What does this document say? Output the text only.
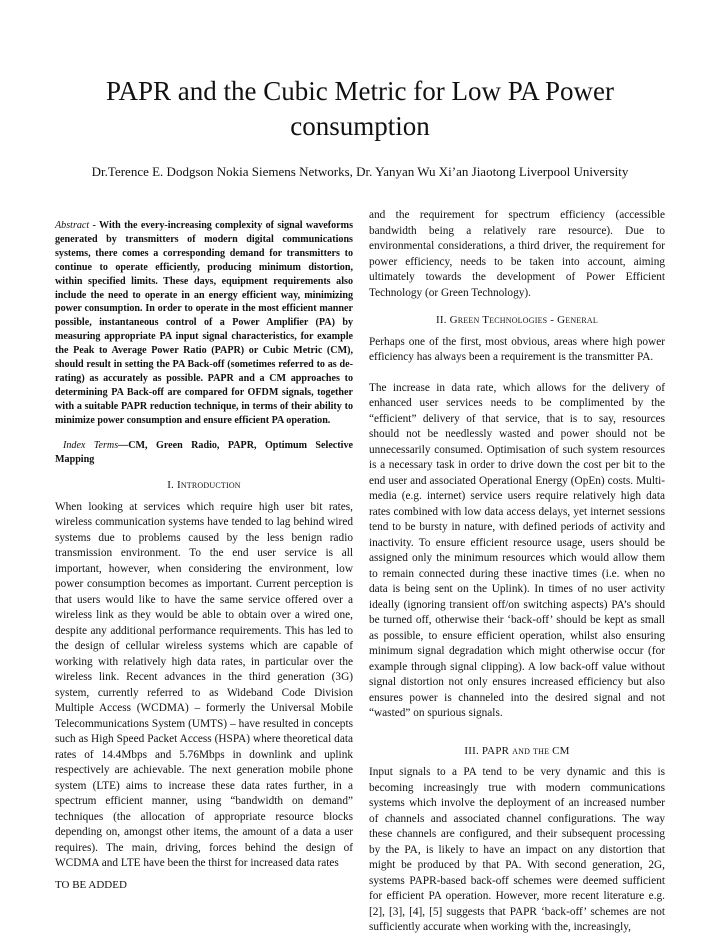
PAPR and the Cubic Metric for Low PA Power consumption

Dr.Terence E. Dodgson Nokia Siemens Networks, Dr. Yanyan Wu Xi’an Jiaotong Liverpool University

Abstract - With the every-increasing complexity of signal waveforms generated by transmitters of modern digital communications systems, there comes a corresponding demand for transmitters to continue to operate efficiently, producing minimum distortion, within specified limits. These days, equipment requirements also include the need to operate in an energy efficient way, minimizing power consumption. In order to operate in the most efficient manner possible, instantaneous control of a Power Amplifier (PA) by measuring appropriate PA input signal characteristics, for example the Peak to Average Power Ratio (PAPR) or Cubic Metric (CM), should result in setting the PA Back-off (sometimes referred to as de-rating) as accurately as possible. PAPR and a CM approaches to determining PA Back-off are compared for OFDM signals, together with a suitable PAPR reduction technique, in terms of their ability to minimize power consumption and ensure efficient PA operation.

Index Terms—CM, Green Radio, PAPR, Optimum Selective Mapping

I. Introduction

When looking at services which require high user bit rates, wireless communication systems have tended to lag behind wired systems due to problems caused by the less benign radio transmission environment. To the end user service is all important, however, when considering the environment, low power consumption becomes as important. Current perception is that users would like to have the same service offered over a wireless link as they would be able to obtain over a wired one, despite any additional performance requirements. This has led to the design of cellular wireless systems which are capable of working with relatively high data rates, in particular over the wireless link. Recent advances in the third generation (3G) system, currently referred to as Wideband Code Division Multiple Access (WCDMA) – formerly the Universal Mobile Telecommunications System (UMTS) – have resulted in concepts such as High Speed Packet Access (HSPA) where theoretical data rates of 14.4Mbps and 5.76Mbps in downlink and uplink respectively are achievable. The next generation mobile phone system (LTE) aims to increase these data rates further, in a spectrum efficient manner, using “bandwidth on demand” techniques (the allocation of appropriate resource blocks depending on, amongst other items, the amount of a data a user requires). The main, driving, forces behind the design of WCDMA and LTE have been the thirst for increased data rates

and the requirement for spectrum efficiency (accessible bandwidth being a relatively rare resource). Due to environmental considerations, a third driver, the requirement for power efficiency, needs to be taken into account, aiming ultimately towards the development of Power Efficient Technology (or Green Technology).

II. Green Technologies - General

Perhaps one of the first, most obvious, areas where high power efficiency has always been a requirement is the transmitter PA.

The increase in data rate, which allows for the delivery of enhanced user services needs to be complimented by the “efficient” delivery of that service, that is to say, resources should not be needlessly wasted and power should not be unnecessarily consumed. Optimisation of such system resources is a necessary task in order to drive down the cost per bit to the end user and associated Operational Energy (OpEn) costs. Multi-media (e.g. internet) service users require relatively high data rates combined with low data access delays, yet internet sessions tend to be bursty in nature, with defined periods of activity and inactivity. To ensure efficient resource usage, users should be assigned only the minimum resources which would allow them to remain connected during these inactive times (i.e. when no data is being sent on the Uplink). In times of no user activity ideally (ignoring transient off/on switching aspects) PA’s should be turned off, otherwise their ‘back-off’ should be kept as small as possible, to ensure efficient operation, whilst also ensuring minimum signal degradation which might otherwise occur (for example through signal clipping). A low back-off value without signal distortion not only ensures increased efficiency but also ensures power is channeled into the desired signal and not “wasted” on spurious signals.

III. PAPR and the CM

Input signals to a PA tend to be very dynamic and this is becoming increasingly true with modern communications systems which involve the deployment of an increased number of channels and associated channel configurations. The way these channels are configured, and their subsequent processing by the PA, is likely to have an impact on any distortion that might be produced by that PA. With second generation, 2G, systems PAPR-based back-off schemes were deemed sufficient for efficient PA operation. However, more recent literature e.g. [2], [3], [4], [5] suggests that PAPR ‘back-off’ schemes are not sufficiently accurate when working with the, increasingly,

TO BE ADDED
